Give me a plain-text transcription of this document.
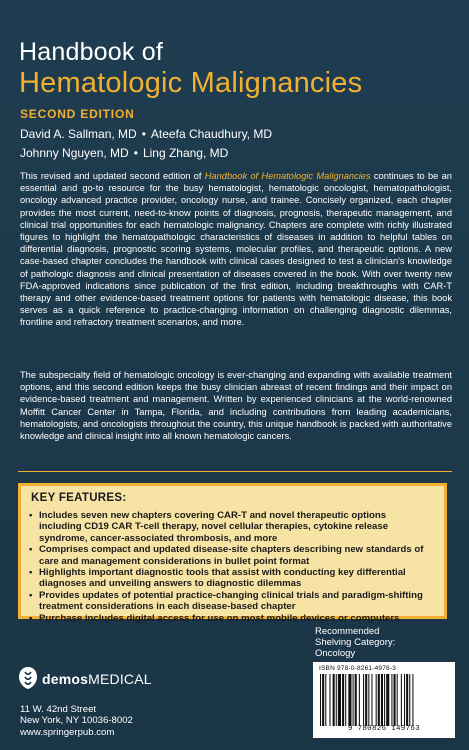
Handbook of
Hematologic Malignancies
SECOND EDITION
David A. Sallman, MD • Ateefa Chaudhury, MD
Johnny Nguyen, MD • Ling Zhang, MD
This revised and updated second edition of Handbook of Hematologic Malignancies continues to be an essential and go-to resource for the busy hematologist, hematologic oncologist, hematopathologist, oncology advanced practice provider, oncology nurse, and trainee. Concisely organized, each chapter provides the most current, need-to-know points of diagnosis, prognosis, therapeutic management, and clinical trial opportunities for each hematologic malignancy. Chapters are complete with richly illustrated figures to highlight the hematopathologic characteristics of diseases in addition to helpful tables on differential diagnosis, prognostic scoring systems, molecular profiles, and therapeutic options. A new case-based chapter concludes the handbook with clinical cases designed to test a clinician's knowledge of pathologic diagnosis and clinical presentation of diseases covered in the book. With over twenty new FDA-approved indications since publication of the first edition, including breakthroughs with CAR-T therapy and other evidence-based treatment options for patients with hematologic disease, this book serves as a quick reference to practice-changing information on challenging diagnostic dilemmas, frontline and refractory treatment scenarios, and more.
The subspecialty field of hematologic oncology is ever-changing and expanding with available treatment options, and this second edition keeps the busy clinician abreast of recent findings and their impact on evidence-based treatment and management. Written by experienced clinicians at the world-renowned Moffitt Cancer Center in Tampa, Florida, and including contributions from leading academicians, hematologists, and oncologists throughout the country, this unique handbook is packed with authoritative knowledge and clinical insight into all known hematologic cancers.
KEY FEATURES:
• Includes seven new chapters covering CAR-T and novel therapeutic options including CD19 CAR T-cell therapy, novel cellular therapies, cytokine release syndrome, cancer-associated thrombosis, and more
• Comprises compact and updated disease-site chapters describing new standards of care and management considerations in bullet point format
• Highlights important diagnostic tools that assist with conducting key differential diagnoses and unveiling answers to diagnostic dilemmas
• Provides updates of potential practice-changing clinical trials and paradigm-shifting treatment considerations in each disease-based chapter
• Purchase includes digital access for use on most mobile devices or computers
Recommended
Shelving Category:
Oncology
ISBN 978-0-8261-4976-3
9 780826 149763
demosMEDICAL
11 W. 42nd Street
New York, NY 10036-8002
www.springerpub.com
